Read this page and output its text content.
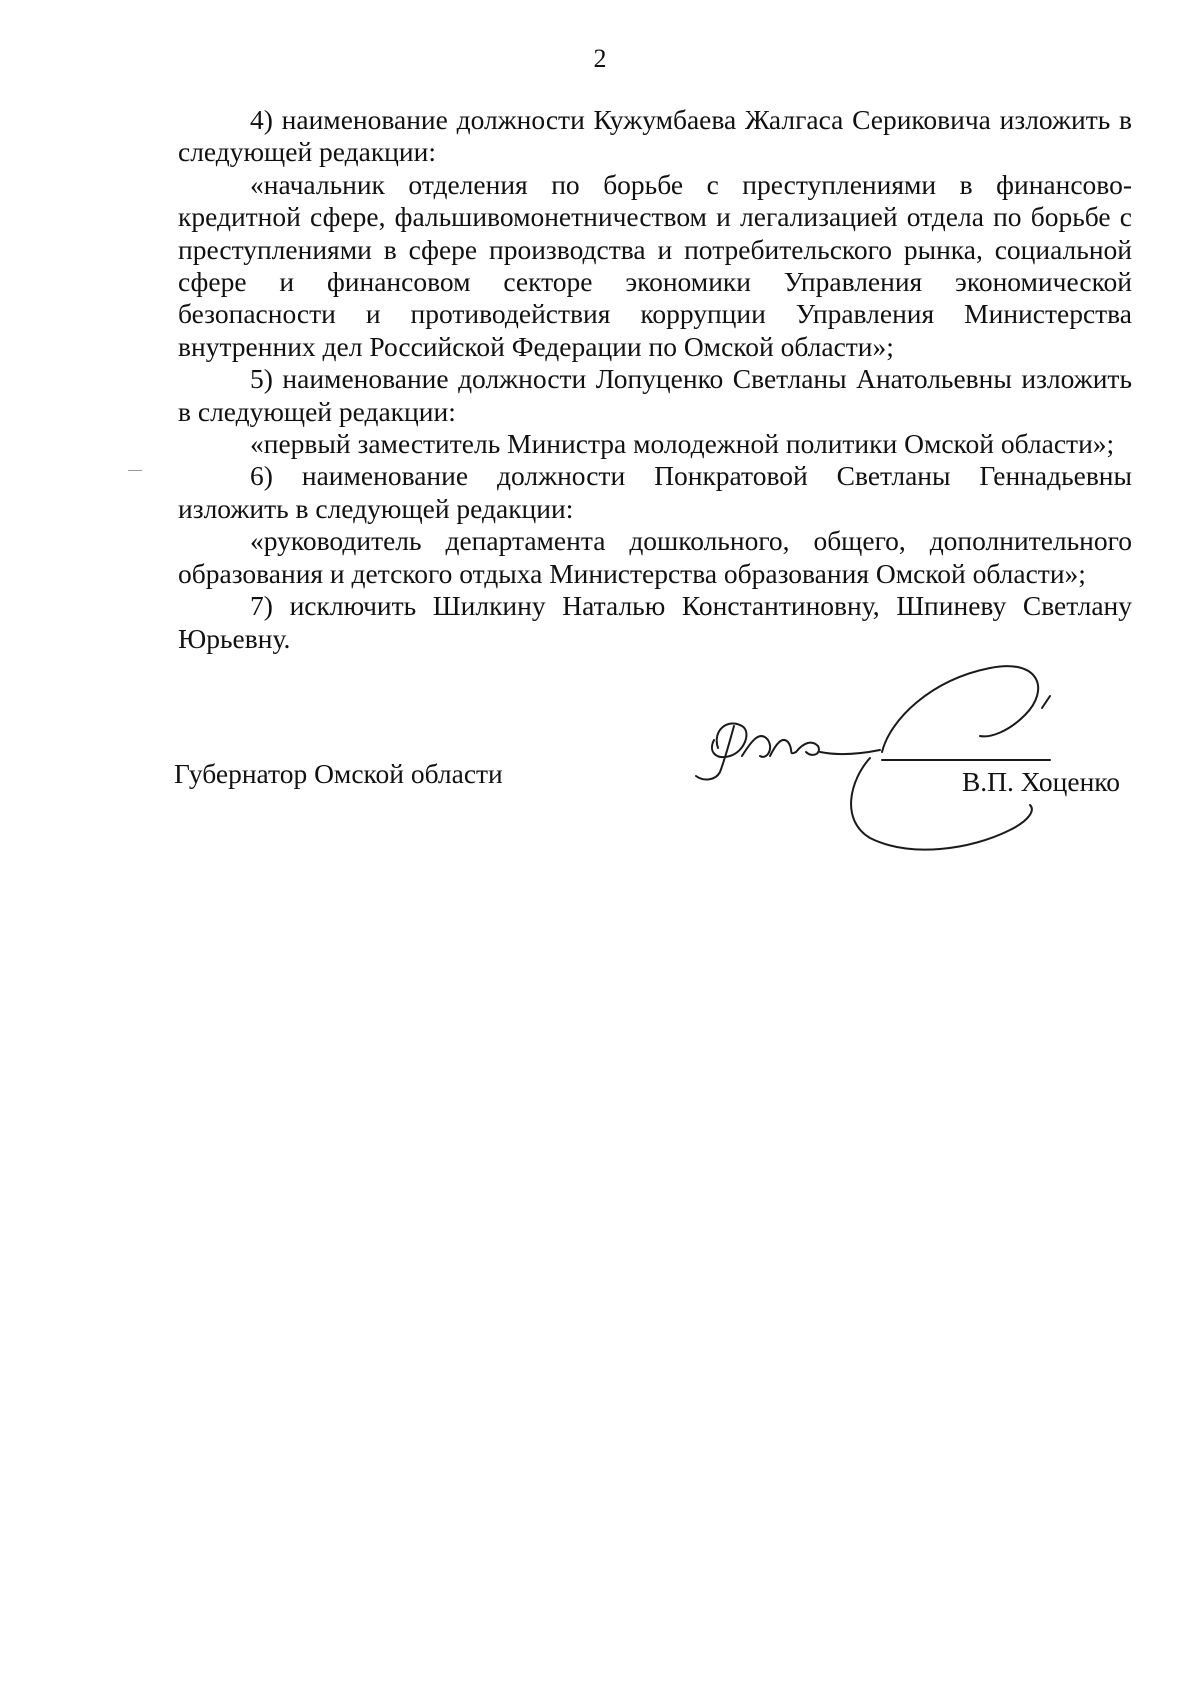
2

4) наименование должности Кужумбаева Жалгаса Сериковича изложить в следующей редакции:

«начальник отделения по борьбе с преступлениями в финансово-кредитной сфере, фальшивомонетничеством и легализацией отдела по борьбе с преступлениями в сфере производства и потребительского рынка, социальной сфере и финансовом секторе экономики Управления экономической безопасности и противодействия коррупции Управления Министерства внутренних дел Российской Федерации по Омской области»;

5) наименование должности Лопуценко Светланы Анатольевны изложить в следующей редакции:

«первый заместитель Министра молодежной политики Омской области»;

6) наименование должности Понкратовой Светланы Геннадьевны изложить в следующей редакции:

«руководитель департамента дошкольного, общего, дополнительного образования и детского отдыха Министерства образования Омской области»;

7) исключить Шилкину Наталью Константиновну, Шпиневу Светлану Юрьевну.

Губернатор Омской области	В.П. Хоценко
